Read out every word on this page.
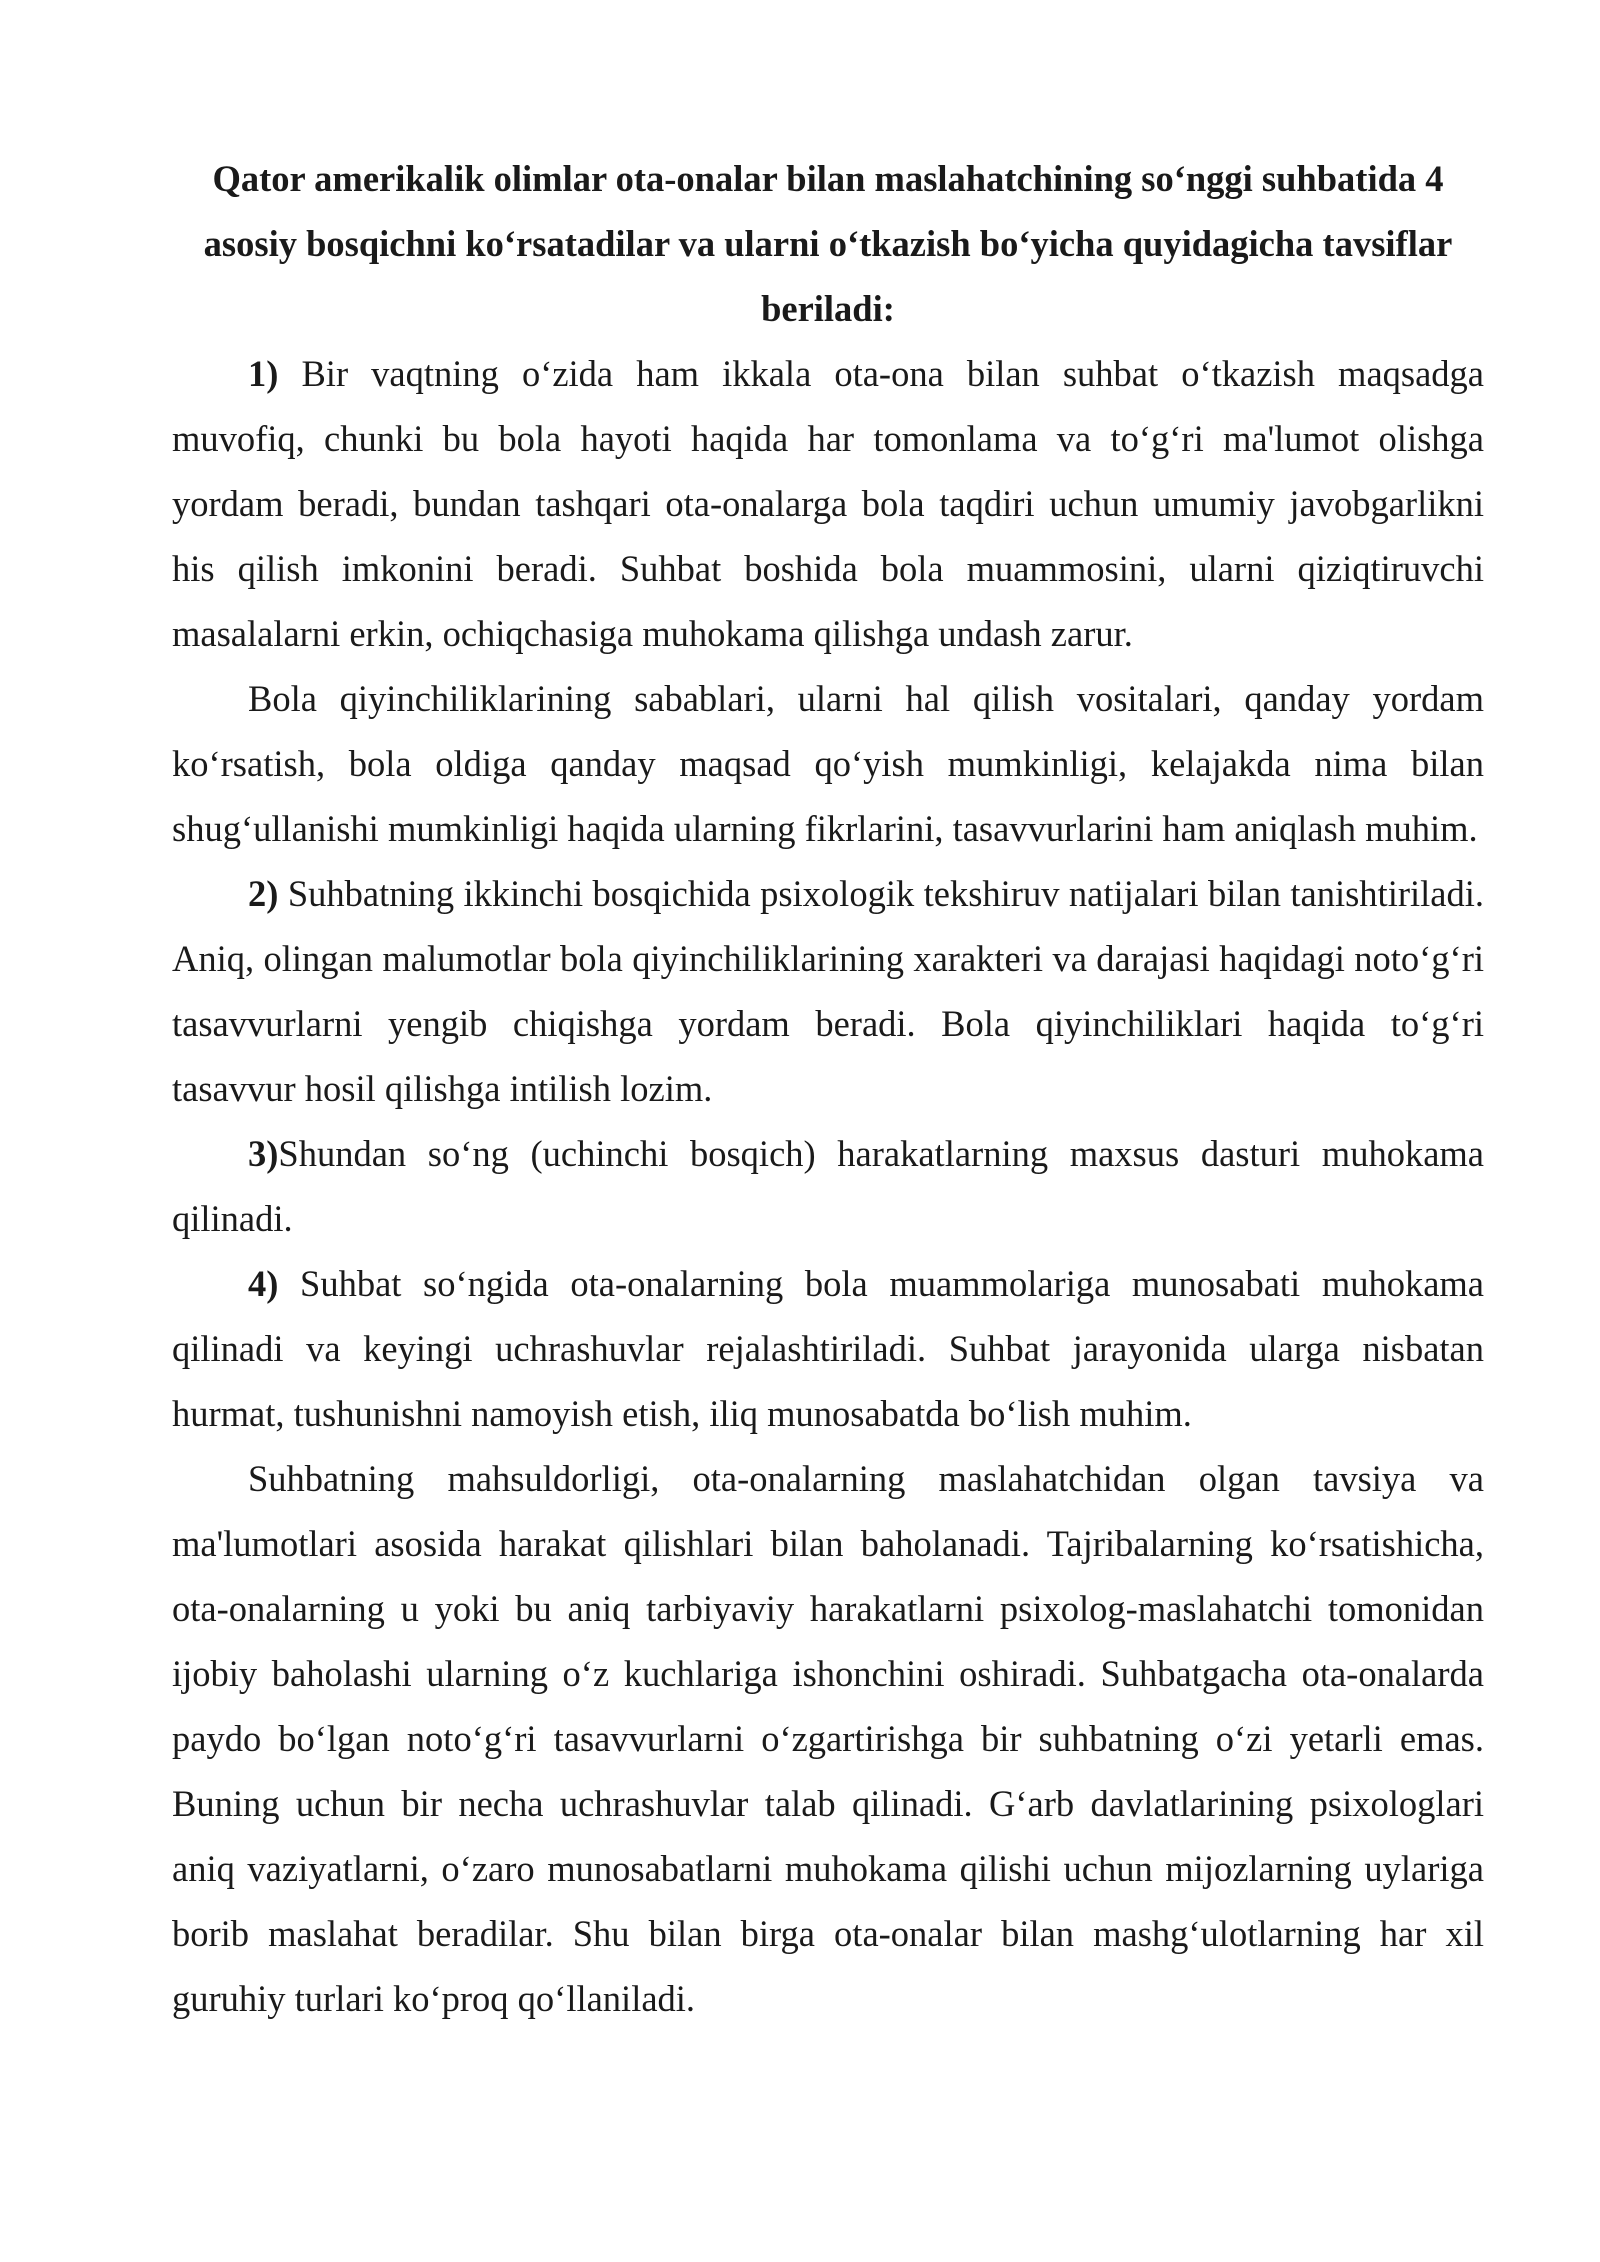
Qator amerikalik olimlar ota-onalar bilan maslahatchining so‘nggi suhbatida 4 asosiy bosqichni ko‘rsatadilar va ularni o‘tkazish bo‘yicha quyidagicha tavsiflar beriladi:

1) Bir vaqtning o‘zida ham ikkala ota-ona bilan suhbat o‘tkazish maqsadga muvofiq, chunki bu bola hayoti haqida har tomonlama va to‘g‘ri ma'lumot olishga yordam beradi, bundan tashqari ota-onalarga bola taqdiri uchun umumiy javobgarlikni his qilish imkonini beradi. Suhbat boshida bola muammosini, ularni qiziqtiruvchi masalalarni erkin, ochiqchasiga muhokama qilishga undash zarur.

Bola qiyinchiliklarining sabablari, ularni hal qilish vositalari, qanday yordam ko‘rsatish, bola oldiga qanday maqsad qo‘yish mumkinligi, kelajakda nima bilan shug‘ullanishi mumkinligi haqida ularning fikrlarini, tasavvurlarini ham aniqlash muhim.

2) Suhbatning ikkinchi bosqichida psixologik tekshiruv natijalari bilan tanishtiriladi. Aniq, olingan malumotlar bola qiyinchiliklarining xarakteri va darajasi haqidagi noto‘g‘ri tasavvurlarni yengib chiqishga yordam beradi. Bola qiyinchiliklari haqida to‘g‘ri tasavvur hosil qilishga intilish lozim.

3)Shundan so‘ng (uchinchi bosqich) harakatlarning maxsus dasturi muhokama qilinadi.

4) Suhbat so‘ngida ota-onalarning bola muammolariga munosabati muhokama qilinadi va keyingi uchrashuvlar rejalashtiriladi. Suhbat jarayonida ularga nisbatan hurmat, tushunishni namoyish etish, iliq munosabatda bo‘lish muhim.

Suhbatning mahsuldorligi, ota-onalarning maslahatchidan olgan tavsiya va ma'lumotlari asosida harakat qilishlari bilan baholanadi. Tajribalarning ko‘rsatishicha, ota-onalarning u yoki bu aniq tarbiyaviy harakatlarni psixolog-maslahatchi tomonidan ijobiy baholashi ularning o‘z kuchlariga ishonchini oshiradi. Suhbatgacha ota-onalarda paydo bo‘lgan noto‘g‘ri tasavvurlarni o‘zgartirishga bir suhbatning o‘zi yetarli emas. Buning uchun bir necha uchrashuvlar talab qilinadi. G‘arb davlatlarining psixologlari aniq vaziyatlarni, o‘zaro munosabatlarni muhokama qilishi uchun mijozlarning uylariga borib maslahat beradilar. Shu bilan birga ota-onalar bilan mashg‘ulotlarning har xil guruhiy turlari ko‘proq qo‘llaniladi.
